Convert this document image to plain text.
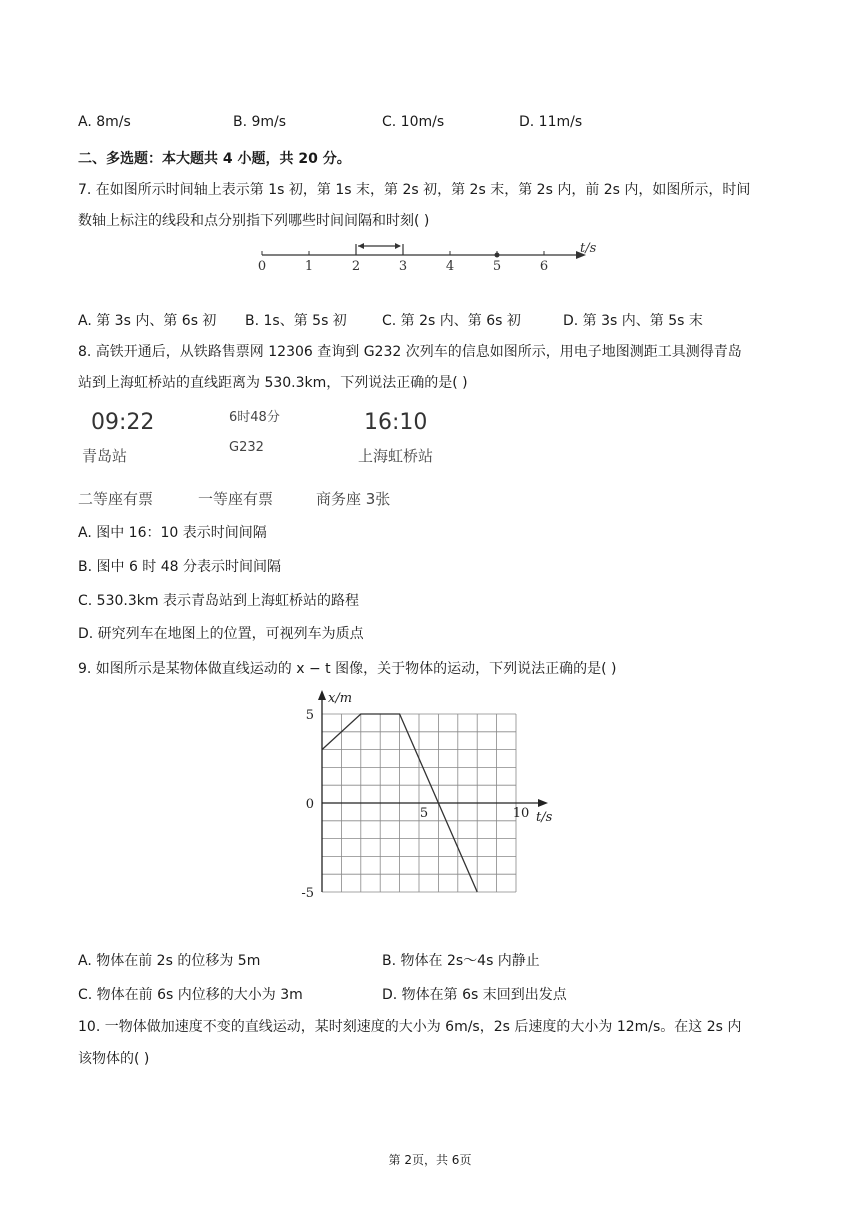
A. 8m/s	B. 9m/s	C. 10m/s	D. 11m/s
二、多选题：本大题共 4 小题，共 20 分。
7. 在如图所示时间轴上表示第 1s 初，第 1s 末，第 2s 初，第 2s 末，第 2s 内，前 2s 内，如图所示，时间
数轴上标注的线段和点分别指下列哪些时间间隔和时刻( )
0	1	2	3	4	5	6
t/s
A. 第 3s 内、第 6s 初 B. 1s、第 5s 初	C. 第 2s 内、第 6s 初	D. 第 3s 内、第 5s 末
8. 高铁开通后，从铁路售票网 12306 查询到 G232 次列车的信息如图所示，用电子地图测距工具测得青岛
站到上海虹桥站的直线距离为 530.3km，下列说法正确的是( )
09:22	6时48分	16:10
青岛站	G232	上海虹桥站
二等座有票	一等座有票	商务座 3张
A. 图中 16：10 表示时间间隔
B. 图中 6 时 48 分表示时间间隔
C. 530.3km 表示青岛站到上海虹桥站的路程
D. 研究列车在地图上的位置，可视列车为质点
9. 如图所示是某物体做直线运动的 x − t 图像，关于物体的运动，下列说法正确的是( )
x/m
t/s
5
0
-5
5	10
A. 物体在前 2s 的位移为 5m	B. 物体在 2s～4s 内静止
C. 物体在前 6s 内位移的大小为 3m	D. 物体在第 6s 末回到出发点
10. 一物体做加速度不变的直线运动，某时刻速度的大小为 6m/s，2s 后速度的大小为 12m/s。在这 2s 内
该物体的( )
第 2页，共 6页
